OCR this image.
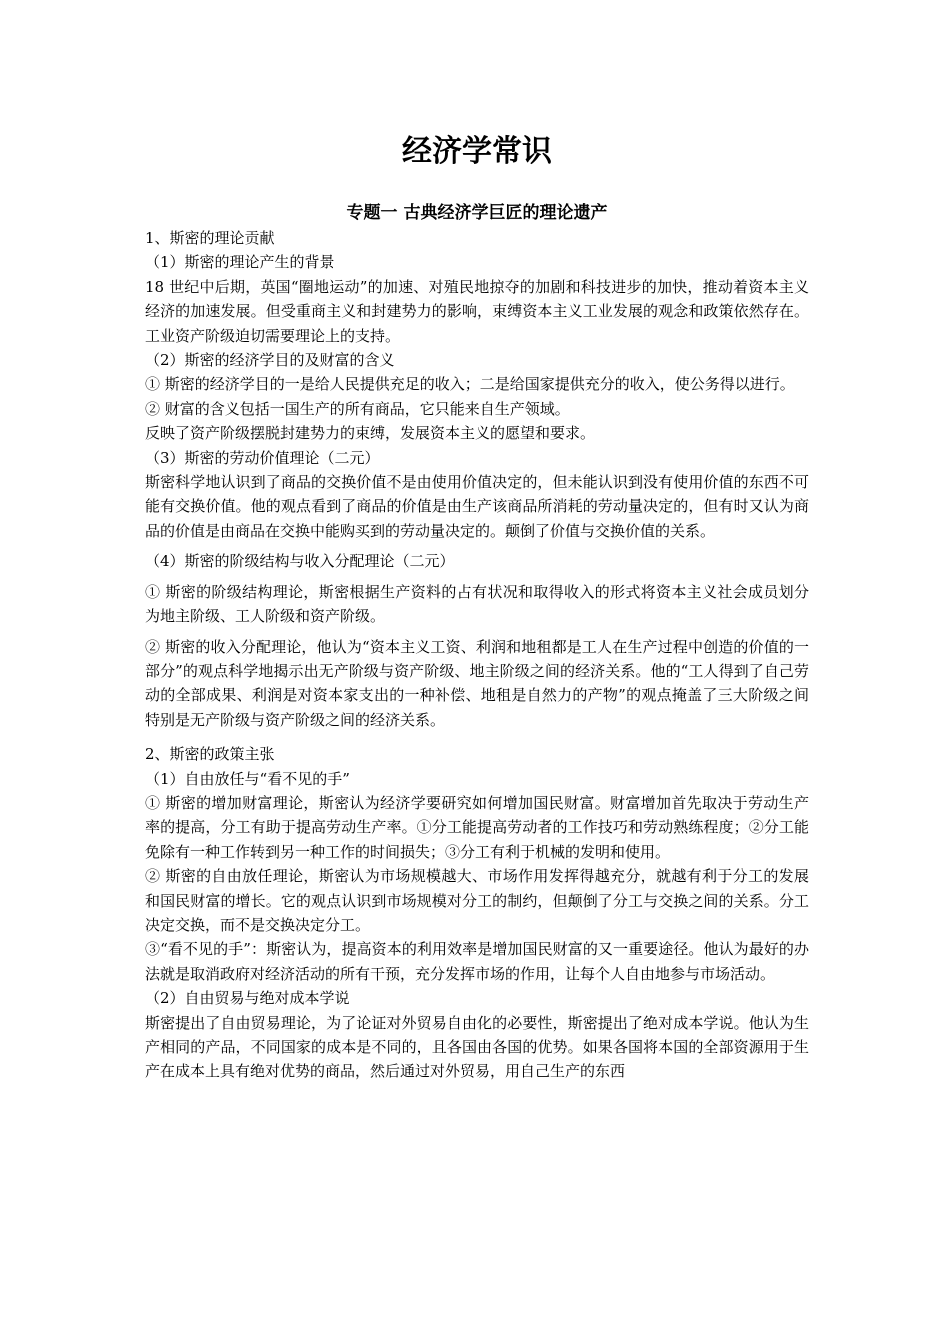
经济学常识
专题一 古典经济学巨匠的理论遗产

1、斯密的理论贡献

（1）斯密的理论产生的背景

18 世纪中后期，英国“圈地运动”的加速、对殖民地掠夺的加剧和科技进步的加快，推动着资本主义经济的加速发展。但受重商主义和封建势力的影响，束缚资本主义工业发展的观念和政策依然存在。工业资产阶级迫切需要理论上的支持。

（2）斯密的经济学目的及财富的含义

① 斯密的经济学目的一是给人民提供充足的收入；二是给国家提供充分的收入，使公务得以进行。

② 财富的含义包括一国生产的所有商品，它只能来自生产领域。

反映了资产阶级摆脱封建势力的束缚，发展资本主义的愿望和要求。

（3）斯密的劳动价值理论（二元）

斯密科学地认识到了商品的交换价值不是由使用价值决定的，但未能认识到没有使用价值的东西不可能有交换价值。他的观点看到了商品的价值是由生产该商品所消耗的劳动量决定的，但有时又认为商品的价值是由商品在交换中能购买到的劳动量决定的。颠倒了价值与交换价值的关系。

（4）斯密的阶级结构与收入分配理论（二元）

① 斯密的阶级结构理论，斯密根据生产资料的占有状况和取得收入的形式将资本主义社会成员划分为地主阶级、工人阶级和资产阶级。

② 斯密的收入分配理论，他认为“资本主义工资、利润和地租都是工人在生产过程中创造的价值的一部分”的观点科学地揭示出无产阶级与资产阶级、地主阶级之间的经济关系。他的“工人得到了自己劳动的全部成果、利润是对资本家支出的一种补偿、地租是自然力的产物”的观点掩盖了三大阶级之间特别是无产阶级与资产阶级之间的经济关系。

2、斯密的政策主张

（1）自由放任与“看不见的手”

① 斯密的增加财富理论，斯密认为经济学要研究如何增加国民财富。财富增加首先取决于劳动生产率的提高，分工有助于提高劳动生产率。①分工能提高劳动者的工作技巧和劳动熟练程度；②分工能免除有一种工作转到另一种工作的时间损失；③分工有利于机械的发明和使用。

② 斯密的自由放任理论，斯密认为市场规模越大、市场作用发挥得越充分，就越有利于分工的发展和国民财富的增长。它的观点认识到市场规模对分工的制约，但颠倒了分工与交换之间的关系。分工决定交换，而不是交换决定分工。

③“看不见的手”：斯密认为，提高资本的利用效率是增加国民财富的又一重要途径。他认为最好的办法就是取消政府对经济活动的所有干预，充分发挥市场的作用，让每个人自由地参与市场活动。

（2）自由贸易与绝对成本学说

斯密提出了自由贸易理论，为了论证对外贸易自由化的必要性，斯密提出了绝对成本学说。他认为生产相同的产品，不同国家的成本是不同的，且各国由各国的优势。如果各国将本国的全部资源用于生产在成本上具有绝对优势的商品，然后通过对外贸易，用自己生产的东西
